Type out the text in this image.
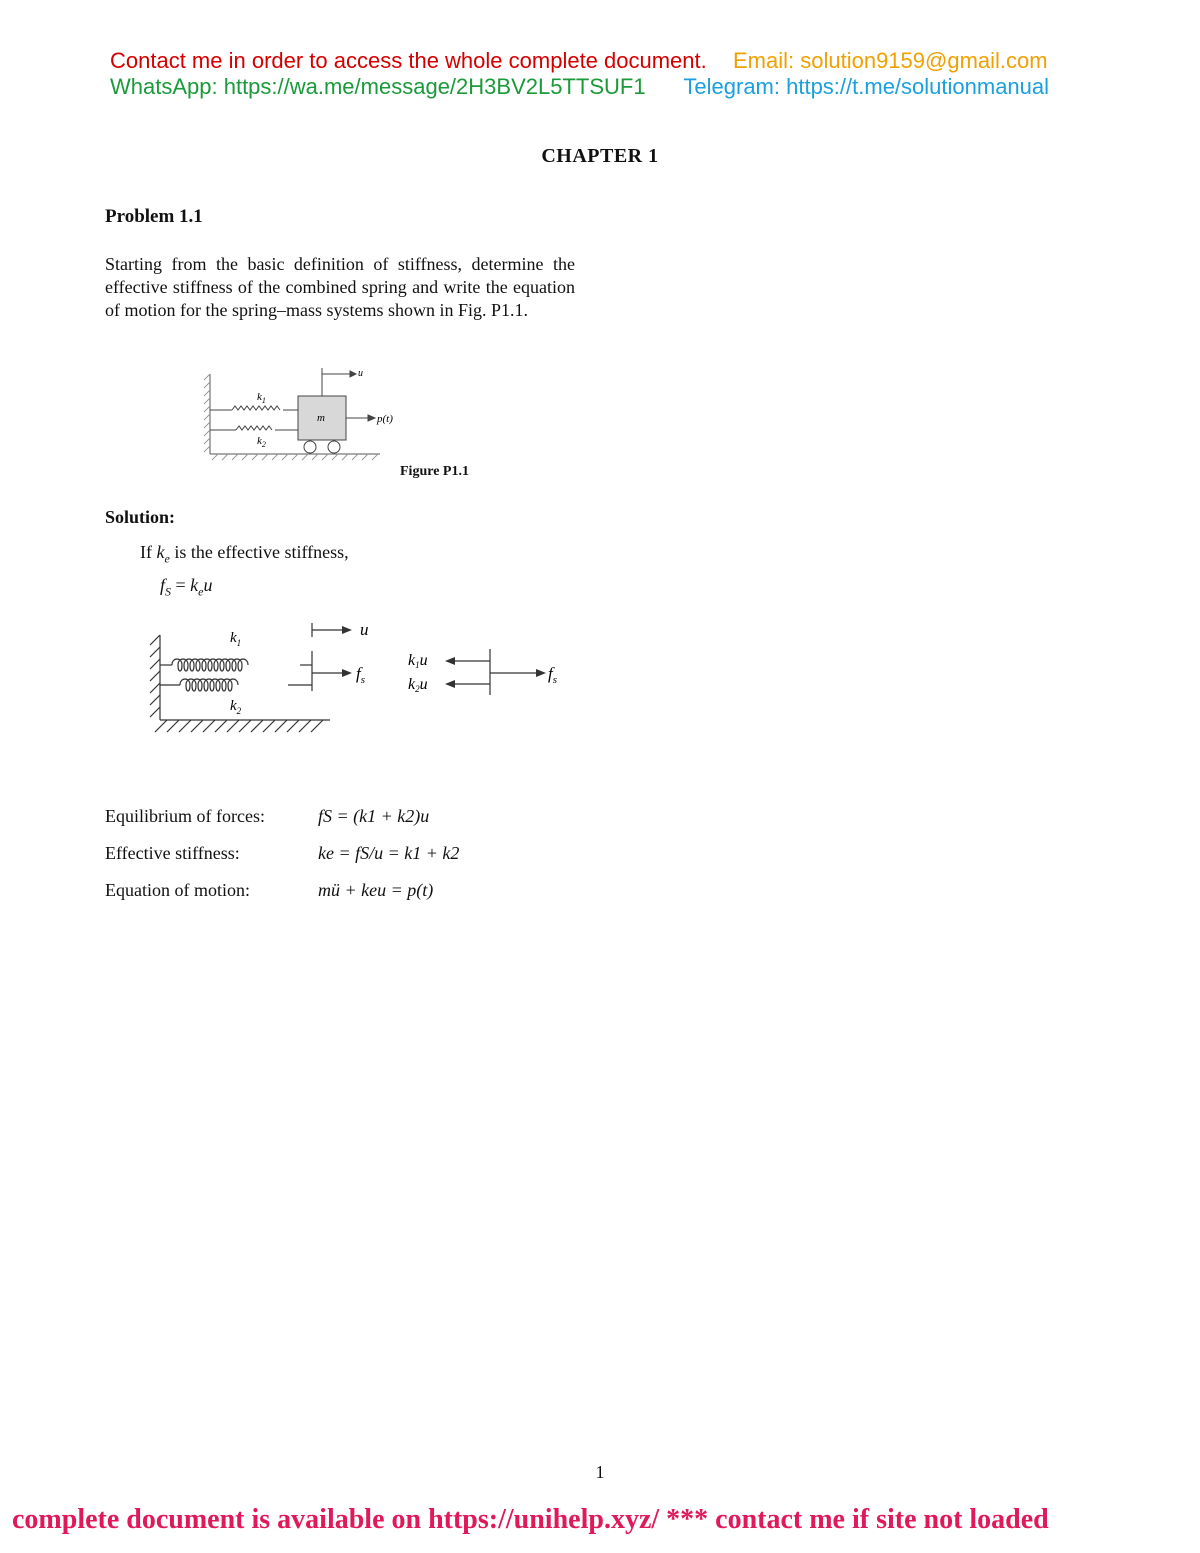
Contact me in order to access the whole complete document. Email: solution9159@gmail.com
WhatsApp: https://wa.me/message/2H3BV2L5TTSUF1 Telegram: https://t.me/solutionmanual
CHAPTER 1
Problem 1.1
Starting from the basic definition of stiffness, determine the effective stiffness of the combined spring and write the equation of motion for the spring–mass systems shown in Fig. P1.1.
m
u
p(t)
$k_1$
$k_2$
Figure P1.1
Solution:
If $k_e$ is the effective stiffness,
$f_S = k_eu$
$f_s$
u
$k_1$
$k_2$
k1u
k2u
$f_s$
Equilibrium of forces:	fS = (k1 + k2)u
Effective stiffness:	ke = fS/u = k1 + k2
Equation of motion:	mü + keu = p(t)
1
complete document is available on https://unihelp.xyz/ *** contact me if site not loaded
